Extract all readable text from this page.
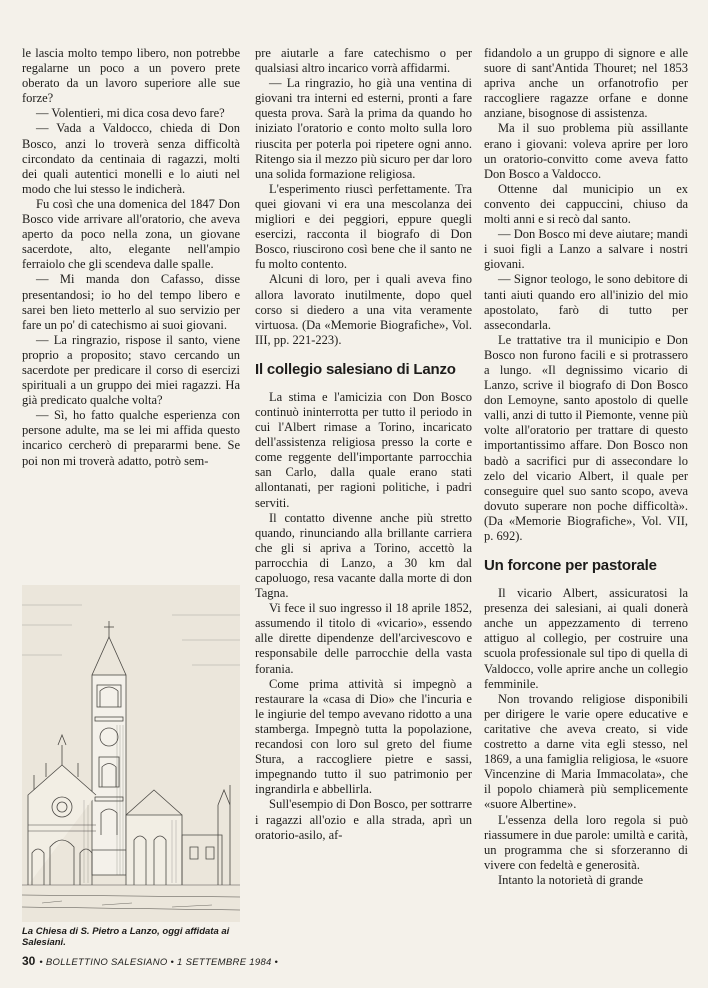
le lascia molto tempo libero, non potrebbe regalarne un poco a un povero prete oberato da un lavoro superiore alle sue forze?

— Volentieri, mi dica cosa devo fare?

— Vada a Valdocco, chieda di Don Bosco, anzi lo troverà senza difficoltà circondato da centinaia di ragazzi, molti dei quali autentici monelli e lo aiuti nel modo che lui stesso le indicherà.

Fu così che una domenica del 1847 Don Bosco vide arrivare all'oratorio, che aveva aperto da poco nella zona, un giovane sacerdote, alto, elegante nell'ampio ferraiolo che gli scendeva dalle spalle.

— Mi manda don Cafasso, disse presentandosi; io ho del tempo libero e sarei ben lieto metterlo al suo servizio per fare un po' di catechismo ai suoi giovani.

— La ringrazio, rispose il santo, viene proprio a proposito; stavo cercando un sacerdote per predicare il corso di esercizi spirituali a un gruppo dei miei ragazzi. Ha già predicato qualche volta?

— Sì, ho fatto qualche esperienza con persone adulte, ma se lei mi affida questo incarico cercherò di prepararmi bene. Se poi non mi troverà adatto, potrò sem-

La Chiesa di S. Pietro a Lanzo, oggi affidata ai Salesiani.

pre aiutarle a fare catechismo o per qualsiasi altro incarico vorrà affidarmi.

— La ringrazio, ho già una ventina di giovani tra interni ed esterni, pronti a fare questa prova. Sarà la prima da quando ho iniziato l'oratorio e conto molto sulla loro riuscita per poterla poi ripetere ogni anno. Ritengo sia il mezzo più sicuro per dar loro una solida formazione religiosa.

L'esperimento riuscì perfettamente. Tra quei giovani vi era una mescolanza dei migliori e dei peggiori, eppure quegli esercizi, racconta il biografo di Don Bosco, riuscirono così bene che il santo ne fu molto contento.

Alcuni di loro, per i quali aveva fino allora lavorato inutilmente, dopo quel corso si diedero a una vita veramente virtuosa. (Da «Memorie Biografiche», Vol. III, pp. 221-223).

Il collegio salesiano di Lanzo

La stima e l'amicizia con Don Bosco continuò ininterrotta per tutto il periodo in cui l'Albert rimase a Torino, incaricato dell'assistenza religiosa presso la corte e come reggente dell'importante parrocchia san Carlo, dalla quale erano stati allontanati, per ragioni politiche, i padri serviti.

Il contatto divenne anche più stretto quando, rinunciando alla brillante carriera che gli si apriva a Torino, accettò la parrocchia di Lanzo, a 30 km dal capoluogo, resa vacante dalla morte di don Tagna.

Vi fece il suo ingresso il 18 aprile 1852, assumendo il titolo di «vicario», essendo alle dirette dipendenze dell'arcivescovo e responsabile delle parrocchie della vasta forania.

Come prima attività si impegnò a restaurare la «casa di Dio» che l'incuria e le ingiurie del tempo avevano ridotto a una stamberga. Impegnò tutta la popolazione, recandosi con loro sul greto del fiume Stura, a raccogliere pietre e sassi, impegnando tutto il suo patrimonio per ingrandirla e abbellirla.

Sull'esempio di Don Bosco, per sottrarre i ragazzi all'ozio e alla strada, aprì un oratorio-asilo, af-

fidandolo a un gruppo di signore e alle suore di sant'Antida Thouret; nel 1853 apriva anche un orfanotrofio per raccogliere ragazze orfane e donne anziane, bisognose di assistenza.

Ma il suo problema più assillante erano i giovani: voleva aprire per loro un oratorio-convitto come aveva fatto Don Bosco a Valdocco.

Ottenne dal municipio un ex convento dei cappuccini, chiuso da molti anni e si recò dal santo.

— Don Bosco mi deve aiutare; mandi i suoi figli a Lanzo a salvare i nostri giovani.

— Signor teologo, le sono debitore di tanti aiuti quando ero all'inizio del mio apostolato, farò di tutto per assecondarla.

Le trattative tra il municipio e Don Bosco non furono facili e si protrassero a lungo. «Il degnissimo vicario di Lanzo, scrive il biografo di Don Bosco don Lemoyne, santo apostolo di quelle valli, anzi di tutto il Piemonte, venne più volte all'oratorio per trattare di questo importantissimo affare. Don Bosco non badò a sacrifici pur di assecondare lo zelo del vicario Albert, il quale per conseguire quel suo santo scopo, aveva dovuto superare non poche difficoltà». (Da «Memorie Biografiche», Vol. VII, p. 692).

Un forcone per pastorale

Il vicario Albert, assicuratosi la presenza dei salesiani, ai quali donerà anche un appezzamento di terreno attiguo al collegio, per costruire una scuola professionale sul tipo di quella di Valdocco, volle aprire anche un collegio femminile.

Non trovando religiose disponibili per dirigere le varie opere educative e caritative che aveva creato, si vide costretto a darne vita egli stesso, nel 1869, a una famiglia religiosa, le «suore Vincenzine di Maria Immacolata», che il popolo chiamerà più semplicemente «suore Albertine».

L'essenza della loro regola si può riassumere in due parole: umiltà e carità, un programma che si sforzeranno di vivere con fedeltà e generosità.

Intanto la notorietà di grande

30 • BOLLETTINO SALESIANO • 1 SETTEMBRE 1984 •
